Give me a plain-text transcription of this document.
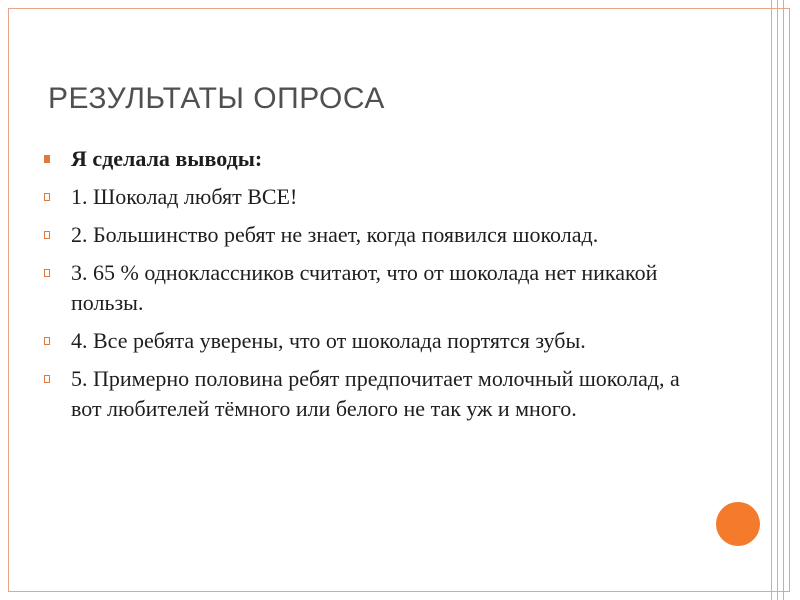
РЕЗУЛЬТАТЫ ОПРОСА
Я сделала выводы:
1. Шоколад любят ВСЕ!
2. Большинство ребят не знает, когда появился шоколад.
3. 65 % одноклассников считают, что от шоколада нет никакой пользы.
4. Все ребята уверены, что от шоколада портятся зубы.
5. Примерно половина ребят предпочитает молочный шоколад, а вот любителей тёмного или белого не так уж и много.
